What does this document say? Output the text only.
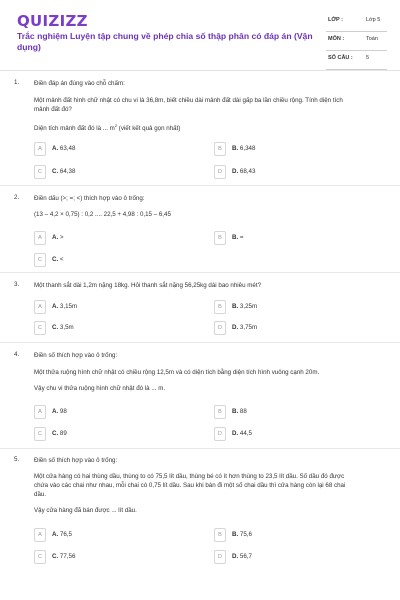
QUIZIZZ
Trắc nghiệm Luyện tập chung về phép chia số thập phân có đáp án (Vận dụng)
LỚP :	Lớp 5
MÔN :	Toán
SỐ CÂU : 5
1. Điền đáp án đúng vào chỗ chấm:
Một mảnh đất hình chữ nhật có chu vi là 36,8m, biết chiều dài mảnh đất dài gấp ba lần chiều rộng. Tính diện tích
mảnh đất đó?
Diện tích mảnh đất đó là ... $m^2$ (viết kết quả gọn nhất)
A	A. 63,48	B	B. 6,348
C	C. 64,38	D	D. 68,43
2. Điền dấu (>; =; <) thích hợp vào ô trống:
(13 – 4,2 × 0,75) : 0,2 .... 22,5 + 4,98 : 0,15 – 6,45
A	A. >	B	B. =
C	C. <
3. Một thanh sắt dài 1,2m nặng 18kg. Hỏi thanh sắt nặng 56,25kg dài bao nhiêu mét?
A	A. 3,15m	B	B. 3,25m
C	C. 3,5m	D	D. 3,75m
4. Điền số thích hợp vào ô trống:
Một thửa ruộng hình chữ nhật có chiều rộng 12,5m và có diện tích bằng diện tích hình vuông cạnh 20m.
Vậy chu vi thửa ruộng hình chữ nhật đó là ... m.
A	A. 98	B	B. 88
C	C. 89	D	D. 44,5
5. Điền số thích hợp vào ô trống:
Một cửa hàng có hai thùng dầu, thùng to có 75,5 lít dầu, thùng bé có ít hơn thùng to 23,5 lít dầu. Số dầu đó được
chứa vào các chai như nhau, mỗi chai có 0,75 lít dầu. Sau khi bán đi một số chai dầu thì cửa hàng còn lại 68 chai
dầu.
Vậy cửa hàng đã bán được ... lít dầu.
A	A. 76,5	B	B. 75,6
C	C. 77,56	D	D. 56,7
